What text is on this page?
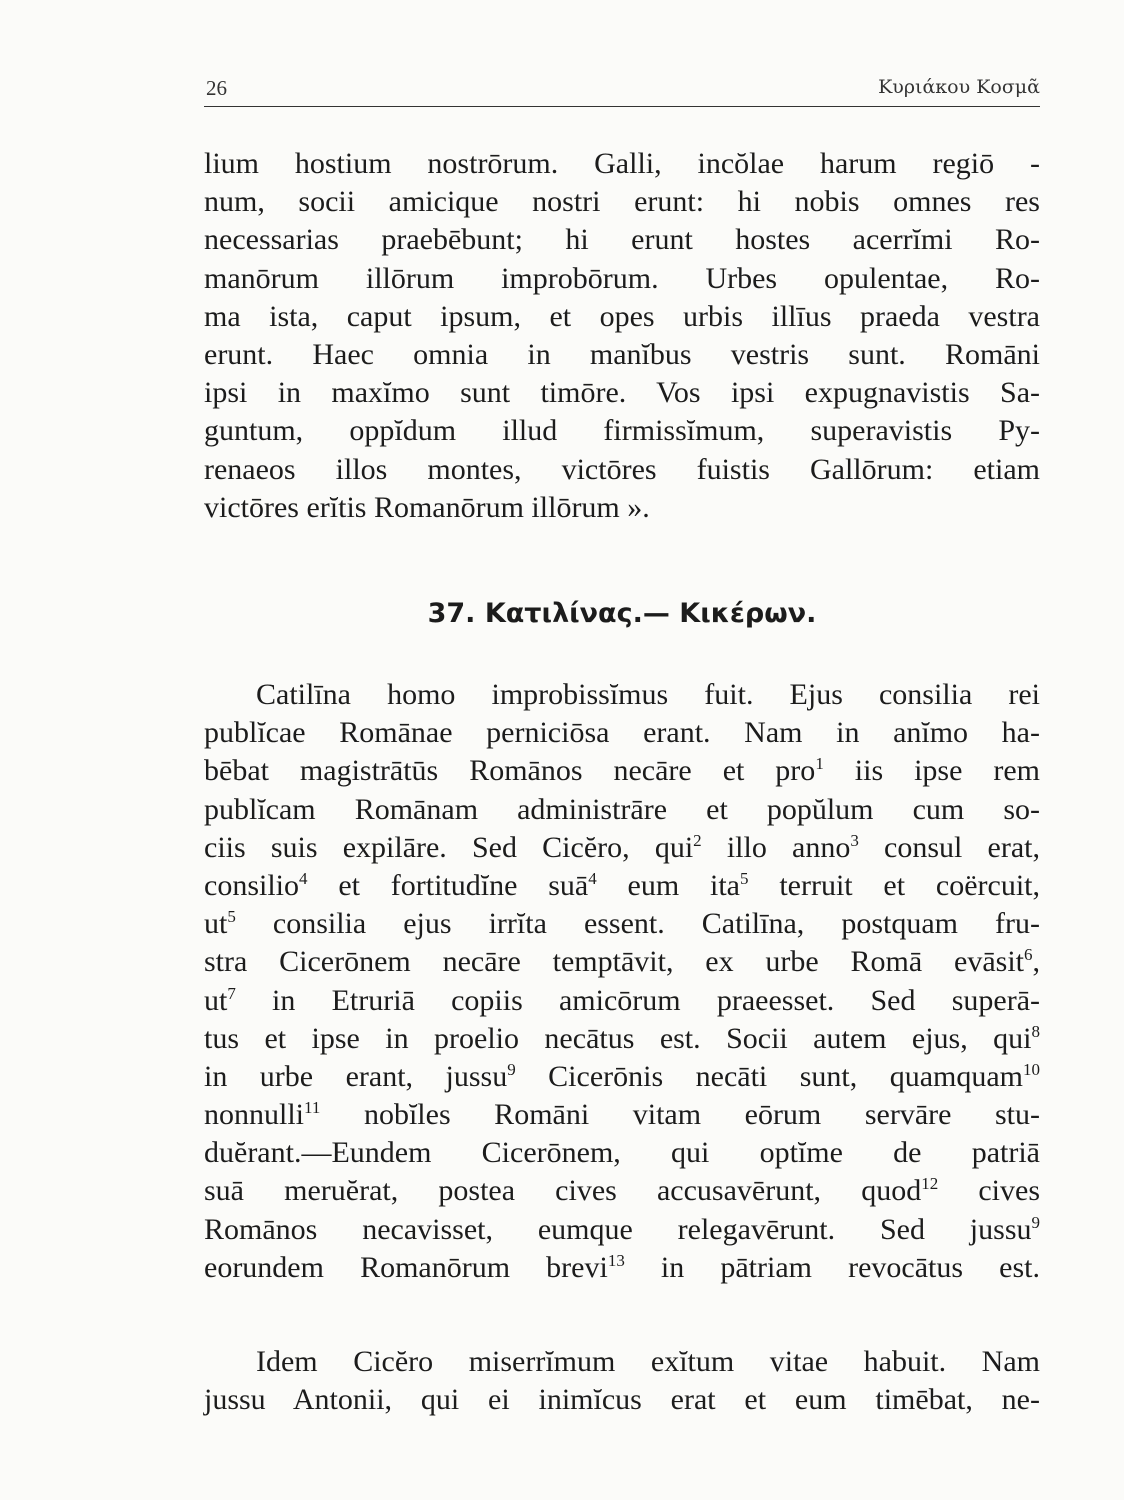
26	Κυριάκου Κοσμᾶ
lium hostium nostrōrum. Galli, incŏlae harum regiō -
num, socii amicique nostri erunt: hi nobis omnes res
necessarias praebēbunt; hi erunt hostes acerrĭmi Ro-
manōrum illōrum improbōrum. Urbes opulentae, Ro-
ma ista, caput ipsum, et opes urbis illīus praeda vestra
erunt. Haec omnia in manĭbus vestris sunt. Romāni
ipsi in maxĭmo sunt timōre. Vos ipsi expugnavistis Sa-
guntum, oppĭdum illud firmissĭmum, superavistis Py-
renaeos illos montes, victōres fuistis Gallōrum: etiam
victōres erĭtis Romanōrum illōrum ».
37. Κατιλίνας.— Κικέρων.
Catilīna homo improbissĭmus fuit. Ejus consilia rei
publĭcae Romānae perniciōsa erant. Nam in anĭmo ha-
bēbat magistrātūs Romānos necāre et pro$^1$ iis ipse rem
publĭcam Romānam administrāre et popŭlum cum so-
ciis suis expilāre. Sed Cicĕro, qui$^2$ illo anno$^3$ consul erat,
consilio$^4$ et fortitudĭne suā$^4$ eum ita$^5$ terruit et coërcuit,
$ut^5$ consilia ejus irrĭta essent. Catilīna, postquam fru-
stra Cicerōnem necāre temptāvit, ex urbe Romā evāsit$^6$,
$ut^7$ in Etruriā copiis amicōrum praeesset. Sed superā-
tus et ipse in proelio necātus est. Socii autem ejus, qui$^8$
in urbe erant, jussu$^9$ Cicerōnis necāti sunt, quamquam$^{10}$
nonnulli$^{11}$ nobĭles Romāni vitam eōrum servāre stu-
duĕrant.—Eundem Cicerōnem, qui optĭme de patriā
suā meruĕrat, postea cives accusavērunt, quod$^{12}$ cives
Romānos necavisset, eumque relegavērunt. Sed jussu$^9$
eorundem Romanōrum brevi$^{13}$ in pātriam revocātus est.
Idem Cicĕro miserrĭmum exĭtum vitae habuit. Nam
jussu Antonii, qui ei inimĭcus erat et eum timēbat, ne-
